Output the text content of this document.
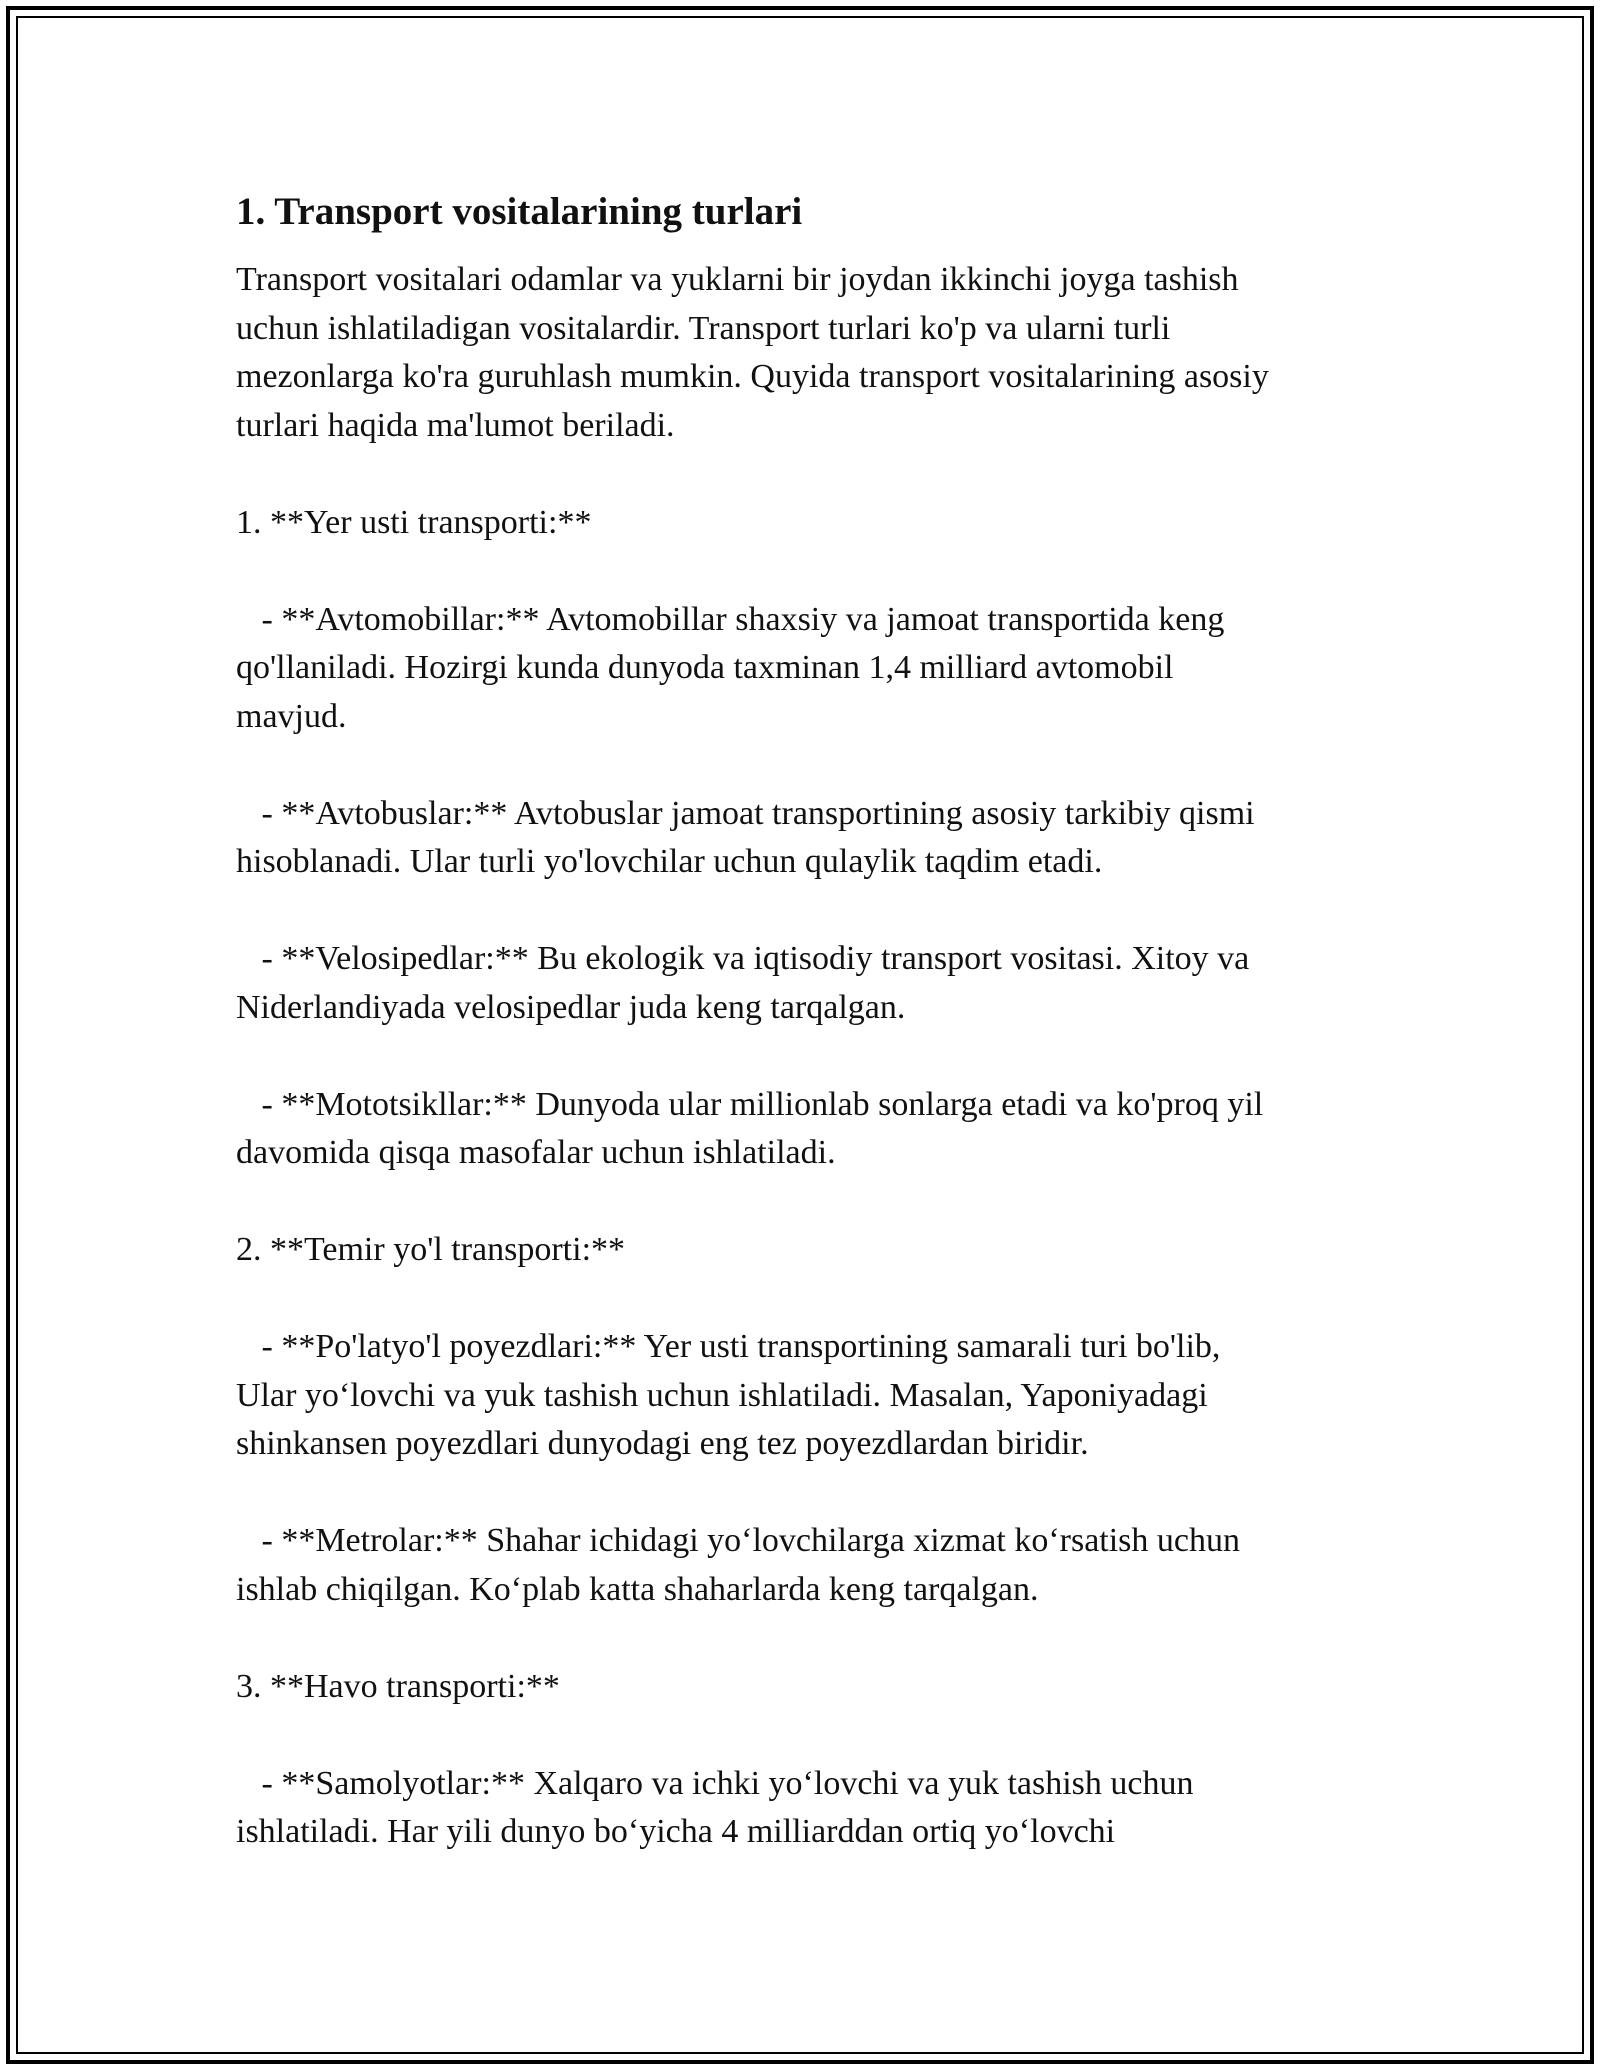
1. Transport vositalarining turlari
Transport vositalari odamlar va yuklarni bir joydan ikkinchi joyga tashish
uchun ishlatiladigan vositalardir. Transport turlari ko'p va ularni turli
mezonlarga ko'ra guruhlash mumkin. Quyida transport vositalarining asosiy
turlari haqida ma'lumot beriladi.
1. **Yer usti transporti:**
- **Avtomobillar:** Avtomobillar shaxsiy va jamoat transportida keng
qo'llaniladi. Hozirgi kunda dunyoda taxminan 1,4 milliard avtomobil
mavjud.
- **Avtobuslar:** Avtobuslar jamoat transportining asosiy tarkibiy qismi
hisoblanadi. Ular turli yo'lovchilar uchun qulaylik taqdim etadi.
- **Velosipedlar:** Bu ekologik va iqtisodiy transport vositasi. Xitoy va
Niderlandiyada velosipedlar juda keng tarqalgan.
- **Mototsikllar:** Dunyoda ular millionlab sonlarga etadi va ko'proq yil
davomida qisqa masofalar uchun ishlatiladi.
2. **Temir yo'l transporti:**
- **Po'latyo'l poyezdlari:** Yer usti transportining samarali turi bo'lib,
Ular yo‘lovchi va yuk tashish uchun ishlatiladi. Masalan, Yaponiyadagi
shinkansen poyezdlari dunyodagi eng tez poyezdlardan biridir.
- **Metrolar:** Shahar ichidagi yo‘lovchilarga xizmat ko‘rsatish uchun
ishlab chiqilgan. Ko‘plab katta shaharlarda keng tarqalgan.
3. **Havo transporti:**
- **Samolyotlar:** Xalqaro va ichki yo‘lovchi va yuk tashish uchun
ishlatiladi. Har yili dunyo bo‘yicha 4 milliarddan ortiq yo‘lovchi
